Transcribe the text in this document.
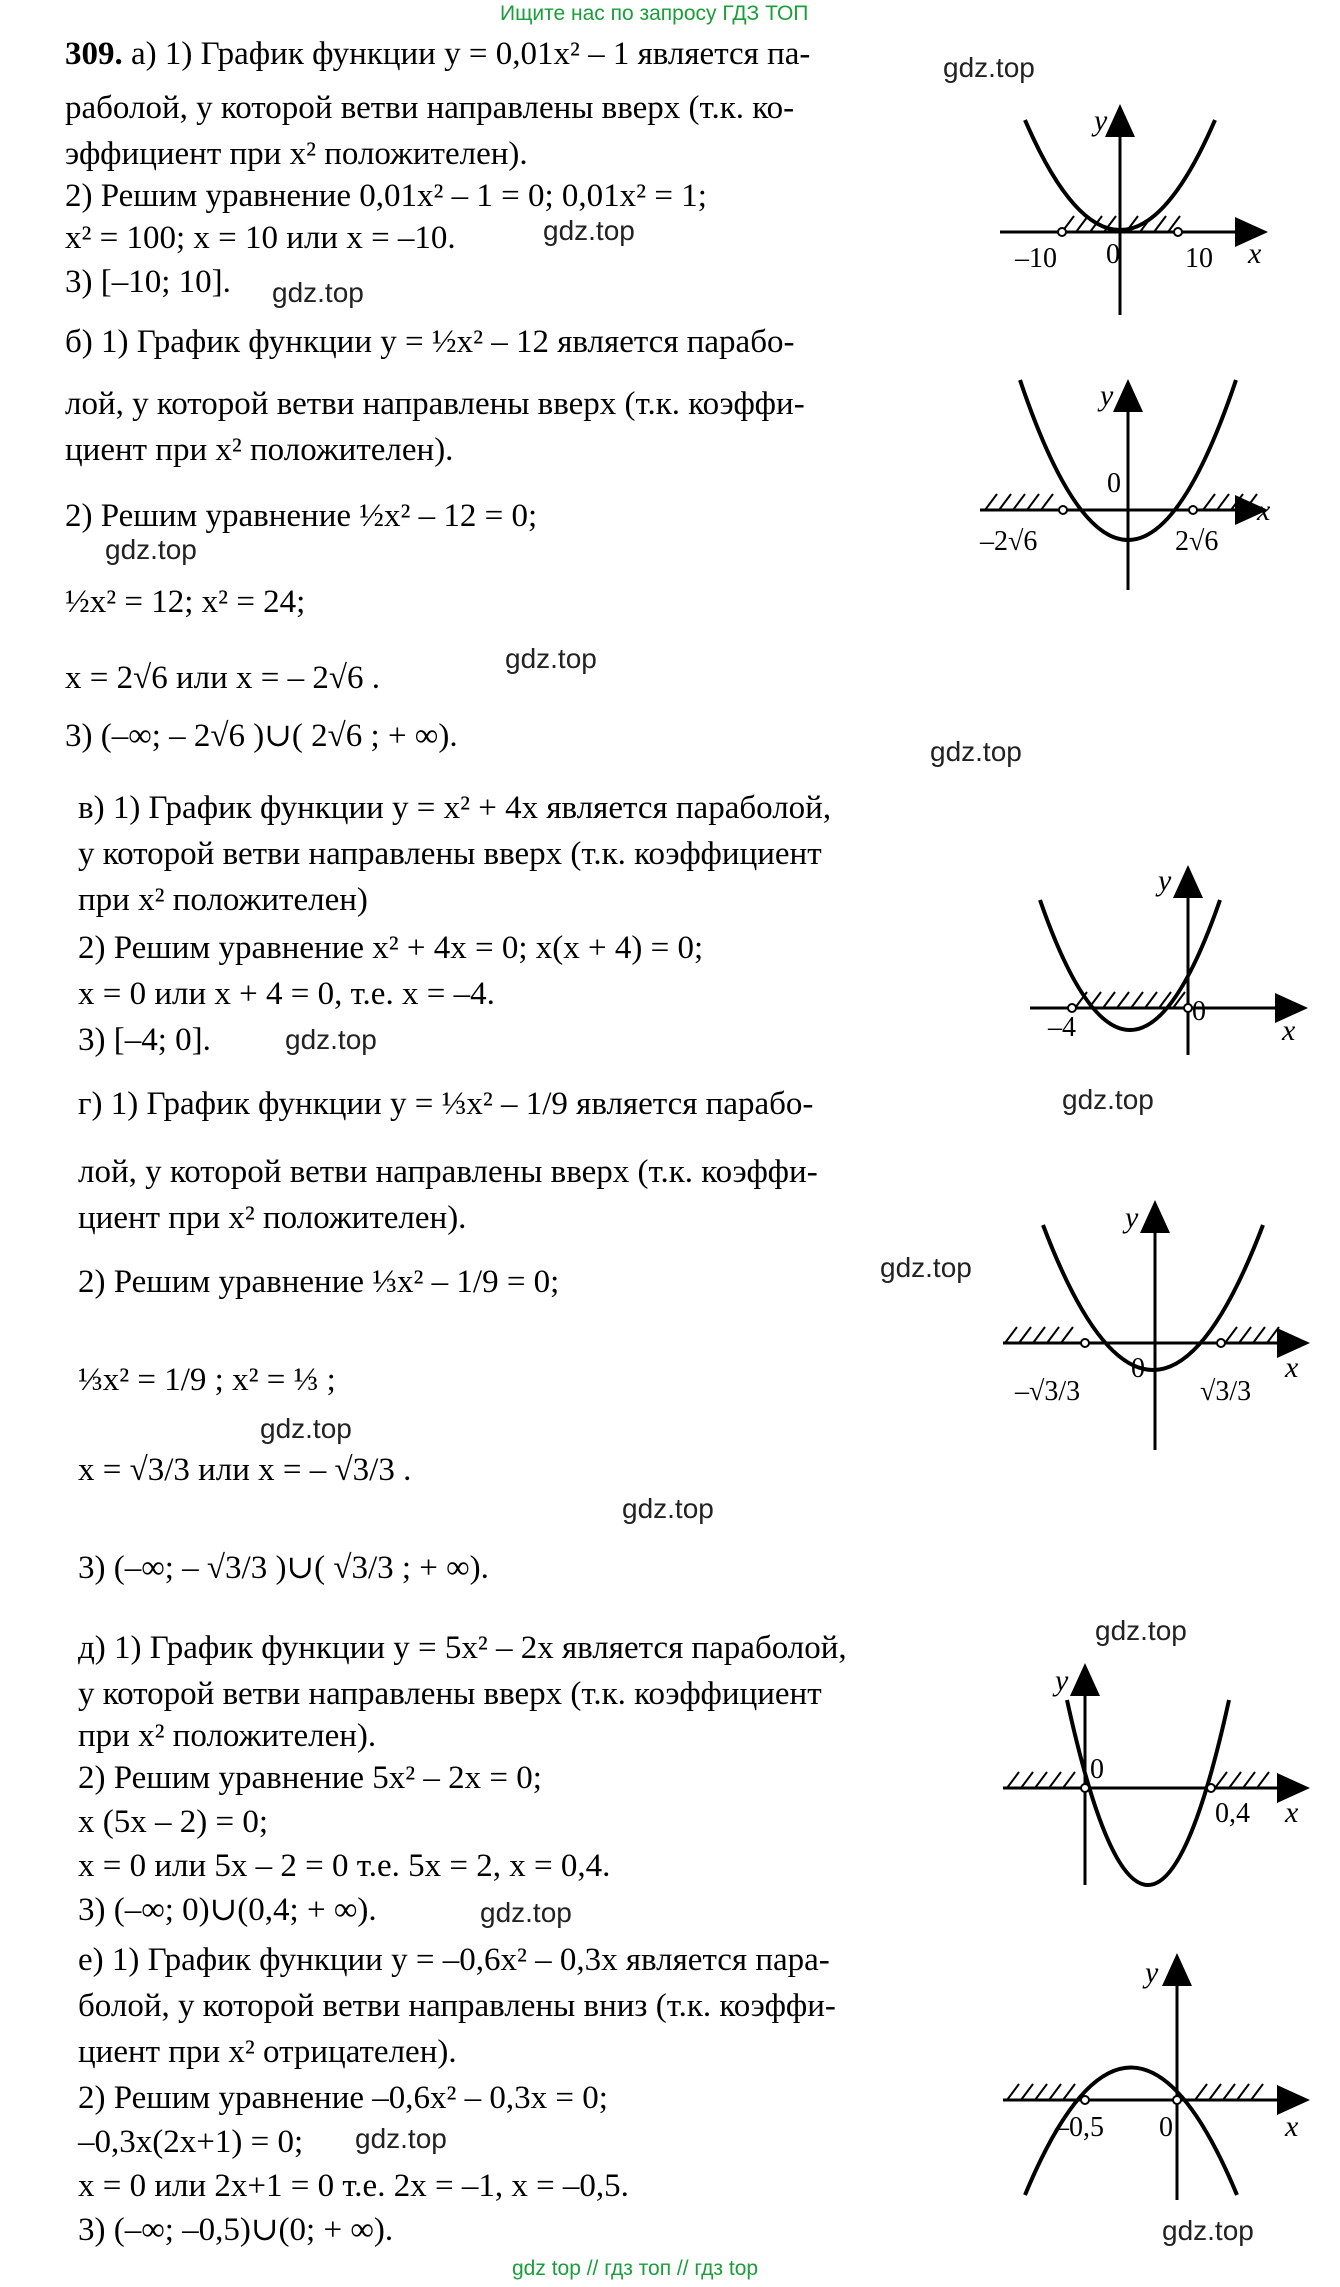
Ищите нас по запросу ГДЗ ТОП
gdz top // гдз топ // гдз top
gdz.top
gdz.top
gdz.top
gdz.top
gdz.top
gdz.top
gdz.top
gdz.top
gdz.top
gdz.top
gdz.top
gdz.top
gdz.top
gdz.top
gdz.top
309. а) 1) График функции y = 0,01x² – 1 является па-
раболой, у которой ветви направлены вверх (т.к. ко-
эффициент при x² положителен).
2) Решим уравнение 0,01x² – 1 = 0; 0,01x² = 1;
x² = 100; x = 10 или x = –10.
3) [–10; 10].
б) 1) График функции y = ½x² – 12 является парабо-
лой, у которой ветви направлены вверх (т.к. коэффи-
циент при x² положителен).
2) Решим уравнение ½x² – 12 = 0;
½x² = 12; x² = 24;
x = 2√6 или x = – 2√6 .
3) (–∞; – 2√6 )∪( 2√6 ; + ∞).
в) 1) График функции y = x² + 4x является параболой,
у которой ветви направлены вверх (т.к. коэффициент
при x² положителен)
2) Решим уравнение x² + 4x = 0; x(x + 4) = 0;
x = 0 или x + 4 = 0, т.е. x = –4.
3) [–4; 0].
г) 1) График функции y = ⅓x² – 1/9 является парабо-
лой, у которой ветви направлены вверх (т.к. коэффи-
циент при x² положителен).
2) Решим уравнение ⅓x² – 1/9 = 0;
⅓x² = 1/9 ; x² = ⅓ ;
x = √3/3 или x = – √3/3 .
3) (–∞; – √3/3 )∪( √3/3 ; + ∞).
д) 1) График функции y = 5x² – 2x является параболой,
у которой ветви направлены вверх (т.к. коэффициент
при x² положителен).
2) Решим уравнение 5x² – 2x = 0;
x (5x – 2) = 0;
x = 0 или 5x – 2 = 0 т.е. 5x = 2, x = 0,4.
3) (–∞; 0)∪(0,4; + ∞).
е) 1) График функции y = –0,6x² – 0,3x является пара-
болой, у которой ветви направлены вниз (т.к. коэффи-
циент при x² отрицателен).
2) Решим уравнение –0,6x² – 0,3x = 0;
–0,3x(2x+1) = 0;
x = 0 или 2x+1 = 0 т.е. 2x = –1, x = –0,5.
3) (–∞; –0,5)∪(0; + ∞).
x
y
0
–10	10
x
y
0
–2√6	2√6
x
y
–4
0
x
y
0
–√3/3	√3/3
x
y
0
0,4
x
y
–0,5 0
